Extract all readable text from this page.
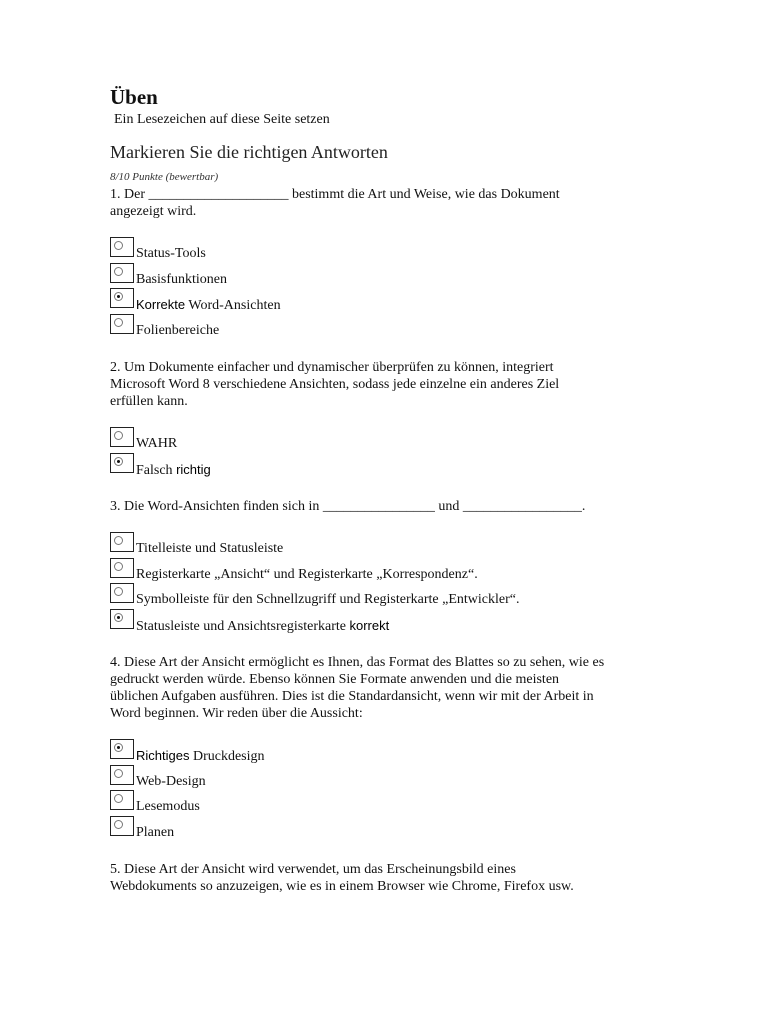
Üben
Ein Lesezeichen auf diese Seite setzen
Markieren Sie die richtigen Antworten
8/10 Punkte (bewertbar)

1. Der ____________________ bestimmt die Art und Weise, wie das Dokument
angezeigt wird.

Status-Tools
Basisfunktionen
Korrekte Word-Ansichten
Folienbereiche

2. Um Dokumente einfacher und dynamischer überprüfen zu können, integriert
Microsoft Word 8 verschiedene Ansichten, sodass jede einzelne ein anderes Ziel
erfüllen kann.

WAHR
Falsch richtig

3. Die Word-Ansichten finden sich in ________________ und _________________.

Titelleiste und Statusleiste
Registerkarte „Ansicht“ und Registerkarte „Korrespondenz“.
Symbolleiste für den Schnellzugriff und Registerkarte „Entwickler“.
Statusleiste und Ansichtsregisterkarte korrekt

4. Diese Art der Ansicht ermöglicht es Ihnen, das Format des Blattes so zu sehen, wie es
gedruckt werden würde. Ebenso können Sie Formate anwenden und die meisten
üblichen Aufgaben ausführen. Dies ist die Standardansicht, wenn wir mit der Arbeit in
Word beginnen. Wir reden über die Aussicht:

Richtiges Druckdesign
Web-Design
Lesemodus
Planen

5. Diese Art der Ansicht wird verwendet, um das Erscheinungsbild eines
Webdokuments so anzuzeigen, wie es in einem Browser wie Chrome, Firefox usw.
